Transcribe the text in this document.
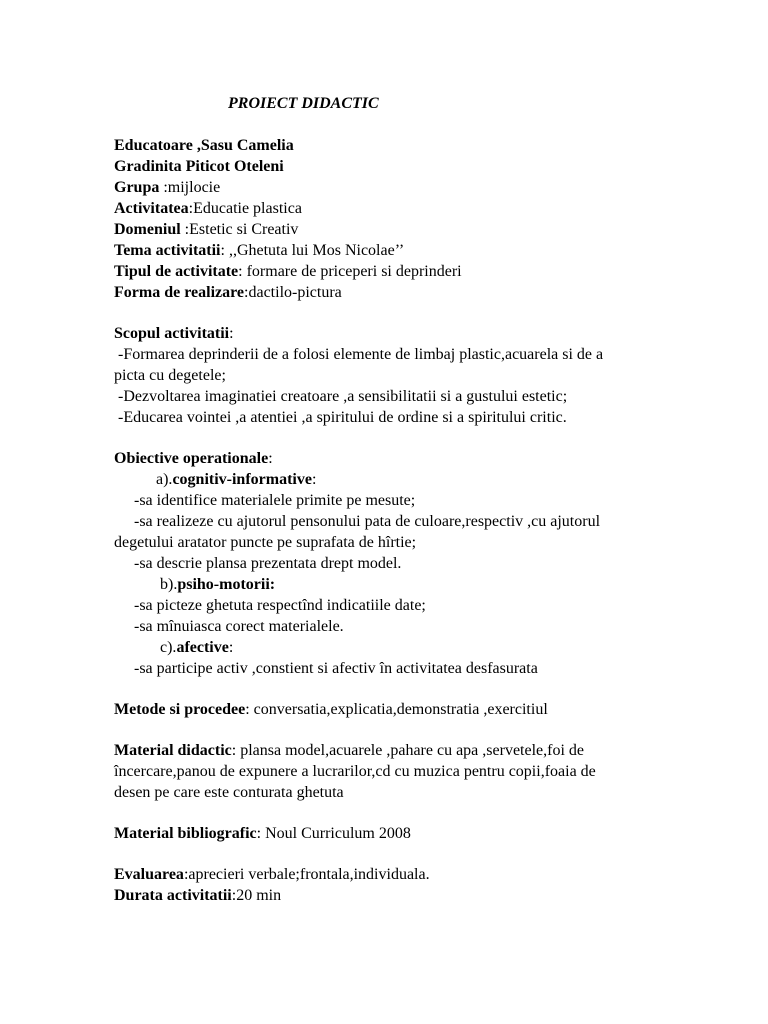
PROIECT DIDACTIC
Educatoare ,Sasu Camelia
Gradinita Piticot Oteleni
Grupa :mijlocie
Activitatea:Educatie plastica
Domeniul :Estetic si Creativ
Tema activitatii: ,,Ghetuta lui Mos Nicolae’’
Tipul de activitate: formare de priceperi si deprinderi
Forma de realizare:dactilo-pictura
Scopul activitatii:
-Formarea deprinderii de a folosi elemente de limbaj plastic,acuarela si de a
picta cu degetele;
-Dezvoltarea imaginatiei creatoare ,a sensibilitatii si a gustului estetic;
-Educarea vointei ,a atentiei ,a spiritului de ordine si a spiritului critic.
Obiective operationale:
a).cognitiv-informative:
-sa identifice materialele primite pe mesute;
-sa realizeze cu ajutorul pensonului pata de culoare,respectiv ,cu ajutorul
degetului aratator puncte pe suprafata de hîrtie;
-sa descrie plansa prezentata drept model.
b).psiho-motorii:
-sa picteze ghetuta respectînd indicatiile date;
-sa mînuiasca corect materialele.
c).afective:
-sa participe activ ,constient si afectiv în activitatea desfasurata
Metode si procedee: conversatia,explicatia,demonstratia ,exercitiul
Material didactic: plansa model,acuarele ,pahare cu apa ,servetele,foi de
încercare,panou de expunere a lucrarilor,cd cu muzica pentru copii,foaia de
desen pe care este conturata ghetuta
Material bibliografic: Noul Curriculum 2008
Evaluarea:aprecieri verbale;frontala,individuala.
Durata activitatii:20 min
